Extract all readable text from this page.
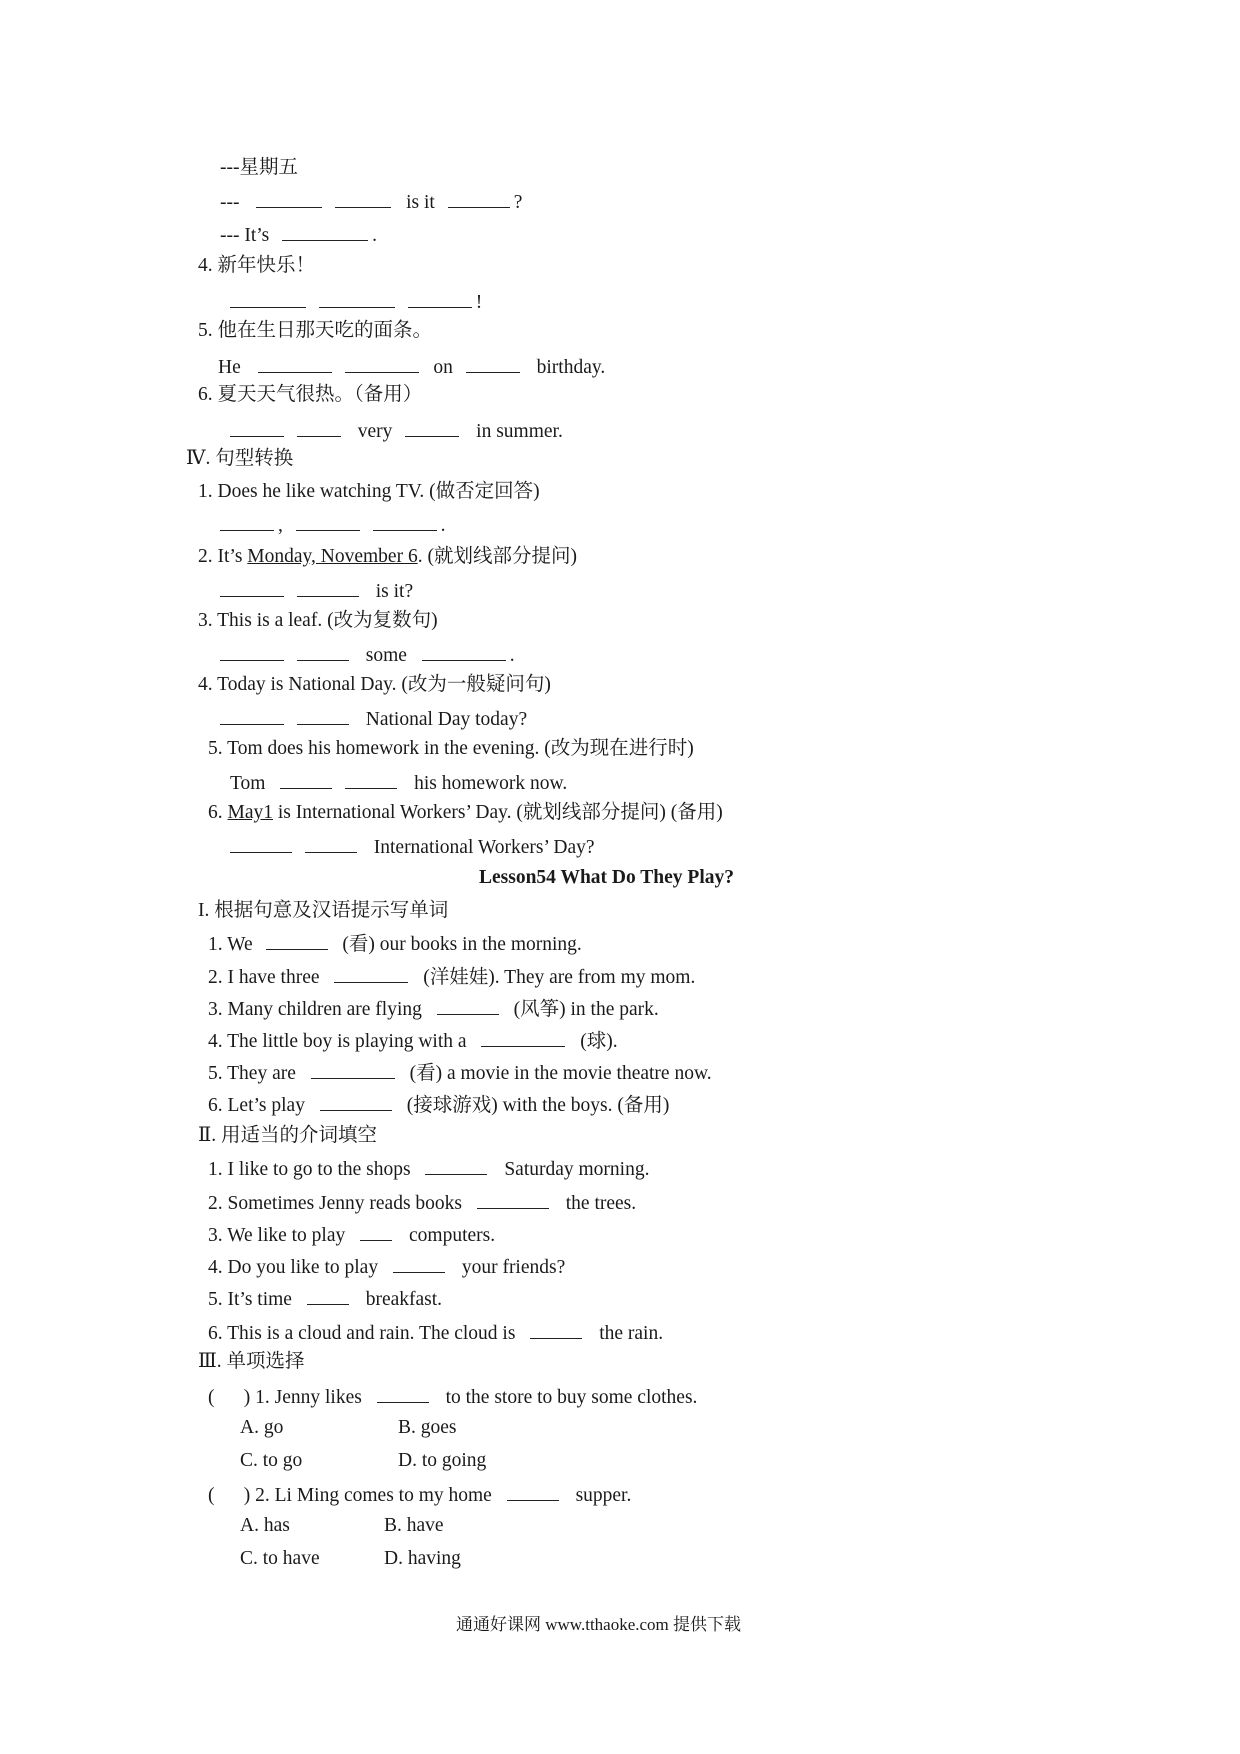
---星期五
---	is it	?
--- It’s	.
4. 新年快乐！
!
5. 他在生日那天吃的面条。
He	on	birthday.
6. 夏天天气很热。（备用）
very	in summer.
Ⅳ. 句型转换
1. Does he like watching TV. (做否定回答)
,	.
2. It’s Monday, November 6. (就划线部分提问)
is it?
3. This is a leaf. (改为复数句)
some	.
4. Today is National Day. (改为一般疑问句)
National Day today?
5. Tom does his homework in the evening. (改为现在进行时)
Tom	his homework now.
6. May1 is International Workers’ Day. (就划线部分提问) (备用)
International Workers’ Day?
Lesson54 What Do They Play?
I. 根据句意及汉语提示写单词
1. We	(看) our books in the morning.
2. I have three	(洋娃娃). They are from my mom.
3. Many children are flying	(风筝) in the park.
4. The little boy is playing with a	(球).
5. They are	(看) a movie in the movie theatre now.
6. Let’s play	(接球游戏) with the boys. (备用)
Ⅱ. 用适当的介词填空
1. I like to go to the shops	Saturday morning.
2. Sometimes Jenny reads books	the trees.
3. We like to play	computers.
4. Do you like to play	your friends?
5. It’s time	breakfast.
6. This is a cloud and rain. The cloud is	the rain.
Ⅲ. 单项选择
(      ) 1. Jenny likes	to the store to buy some clothes.
A. go	B. goes
C. to go	D. to going
(      ) 2. Li Ming comes to my home	supper.
A. has	B. have
C. to have	D. having
通通好课网 www.tthaoke.com 提供下载
